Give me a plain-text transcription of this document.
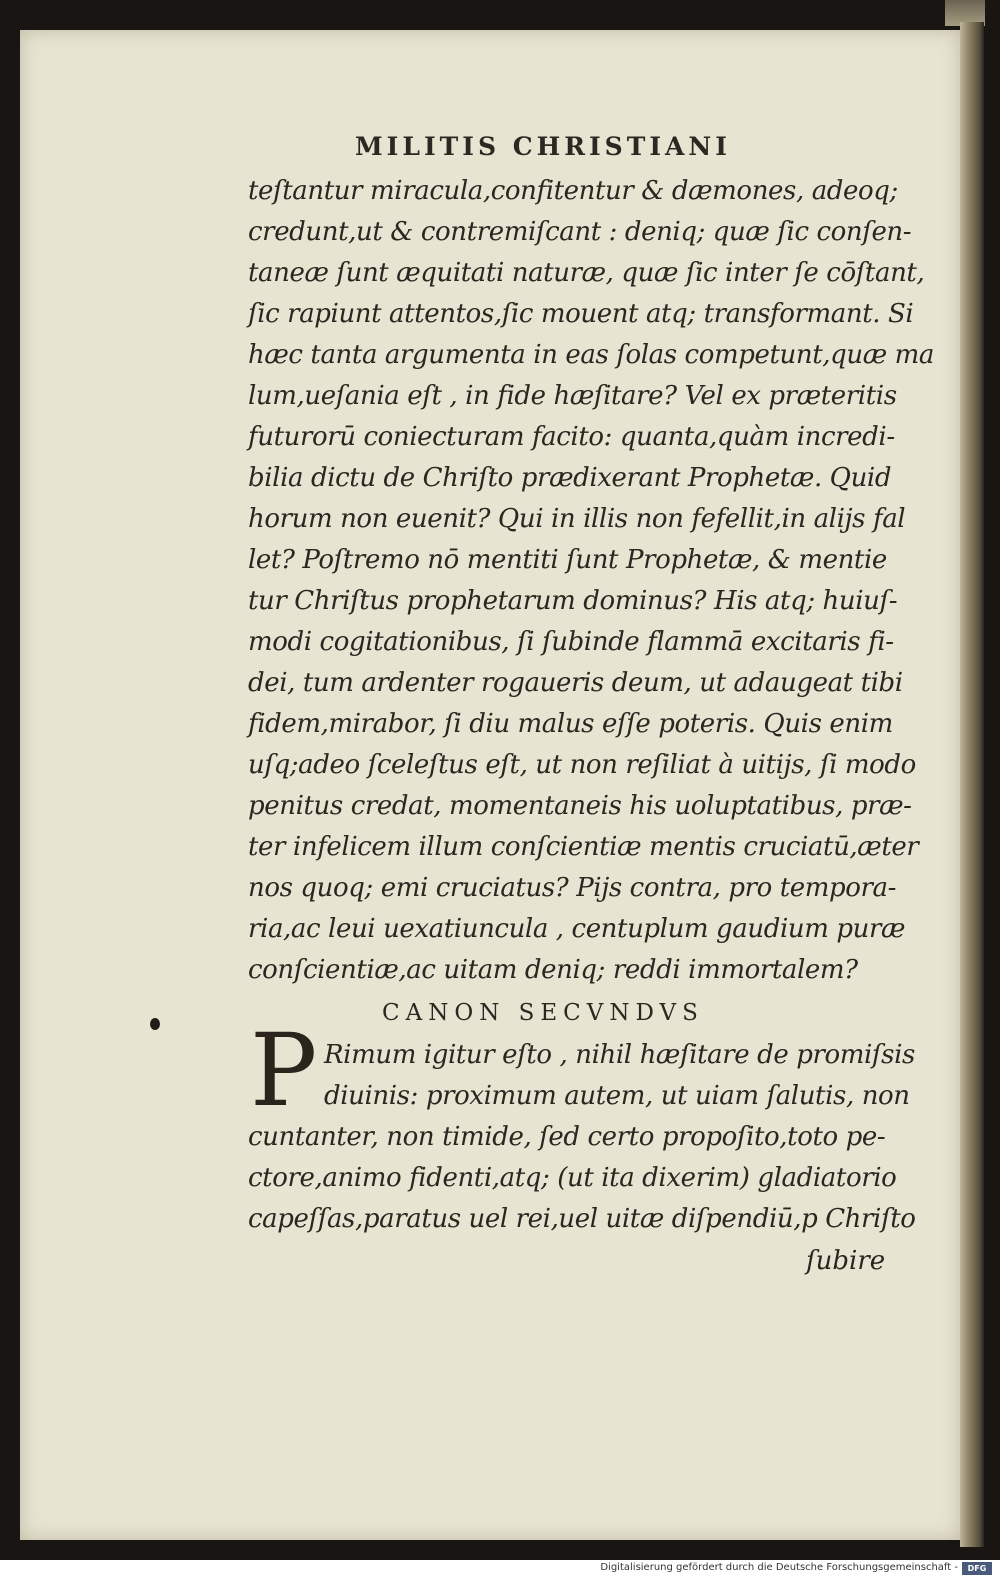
MILITIS CHRISTIANI
teſtantur miracula,confitentur & dæmones, adeoq;
credunt,ut & contremiſcant : deniq; quæ ſic conſen-
taneæ ſunt æquitati naturæ, quæ ſic inter ſe cōſtant,
ſic rapiunt attentos,ſic mouent atq; transformant. Si
hæc tanta argumenta in eas ſolas competunt,quæ ma
lum,ueſania eſt , in fide hæſitare? Vel ex præteritis
futurorū coniecturam facito: quanta,quàm incredi-
bilia dictu de Chriſto prædixerant Prophetæ. Quid
horum non euenit? Qui in illis non fefellit,in alijs fal
let? Poſtremo nō mentiti ſunt Prophetæ, & mentie
tur Chriſtus prophetarum dominus? His atq; huiuſ-
modi cogitationibus, ſi ſubinde flammā excitaris fi-
dei, tum ardenter rogaueris deum, ut adaugeat tibi
fidem,mirabor, ſi diu malus eſſe poteris. Quis enim
uſq;adeo ſceleſtus eſt, ut non reſiliat à uitijs, ſi modo
penitus credat, momentaneis his uoluptatibus, præ-
ter infelicem illum conſcientiæ mentis cruciatū,æter
nos quoq; emi cruciatus? Pijs contra, pro tempora-
ria,ac leui uexatiuncula , centuplum gaudium puræ
conſcientiæ,ac uitam deniq; reddi immortalem?
CANON SECVNDVS
P Rimum igitur eſto , nihil hæſitare de promiſsis
diuinis: proximum autem, ut uiam ſalutis, non
cuntanter, non timide, ſed certo propoſito,toto pe-
ctore,animo fidenti,atq; (ut ita dixerim) gladiatorio
capeſſas,paratus uel rei,uel uitæ diſpendiū,p Chriſto
ſubire
Digitalisierung gefördert durch die Deutsche Forschungsgemeinschaft -	DFG
